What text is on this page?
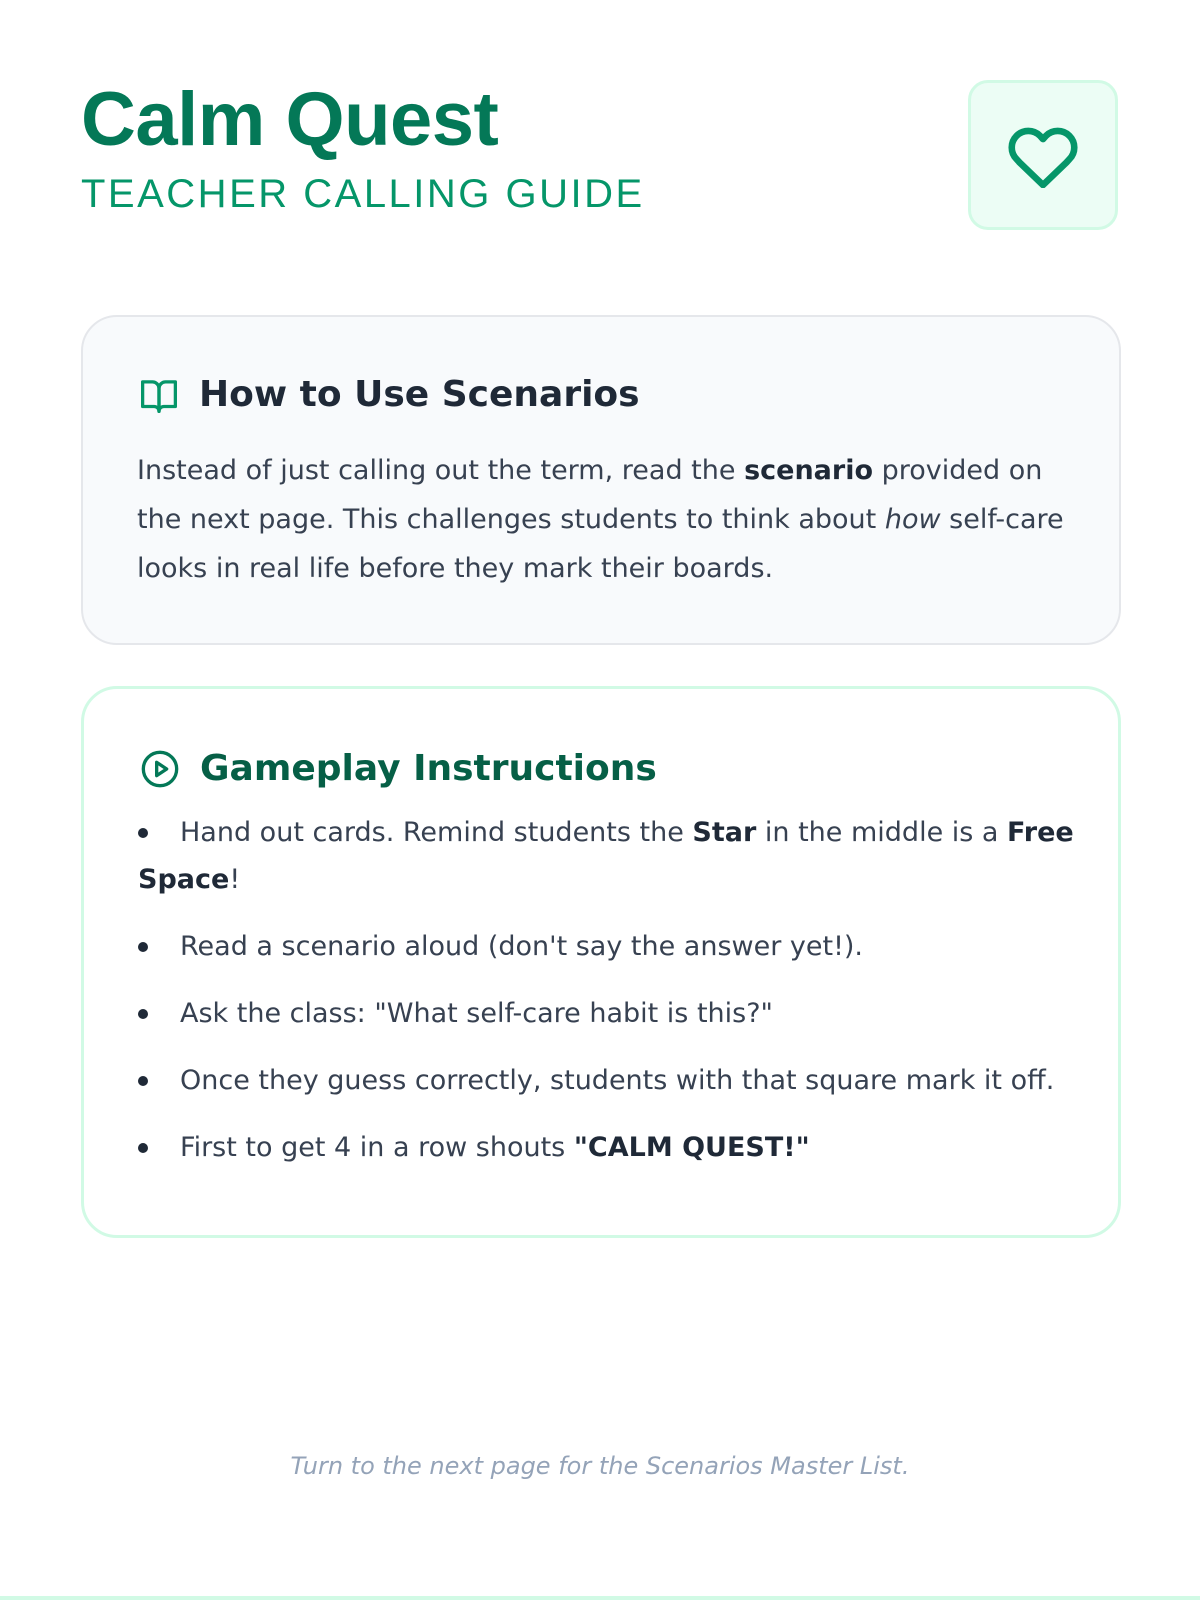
Calm Quest
TEACHER CALLING GUIDE
How to Use Scenarios

Instead of just calling out the term, read the scenario provided on the next page. This challenges students to think about how self-care looks in real life before they mark their boards.

Gameplay Instructions
Hand out cards. Remind students the Star in the middle is a Free Space!
Read a scenario aloud (don't say the answer yet!).
Ask the class: "What self-care habit is this?"
Once they guess correctly, students with that square mark it off.
First to get 4 in a row shouts "CALM QUEST!"

Turn to the next page for the Scenarios Master List.
